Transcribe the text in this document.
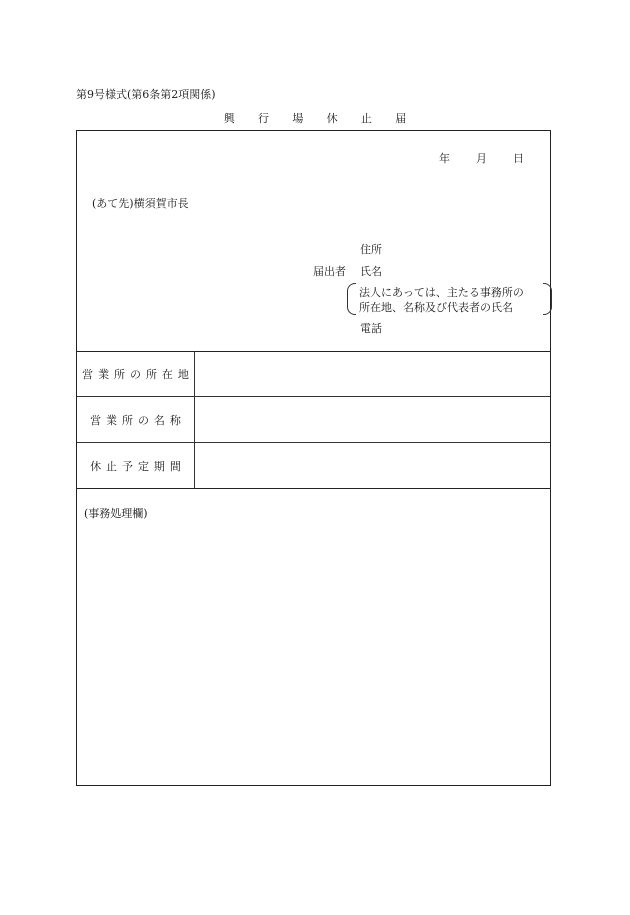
第9号様式(第6条第2項関係)
興 行 場 休 止 届
年	月	日
(あて先)横須賀市長
住所
届出者 氏名
法人にあっては、主たる事務所の
所在地、名称及び代表者の氏名
電話
営業所の所在地
営業所の名称
休止予定期間
(事務処理欄)
